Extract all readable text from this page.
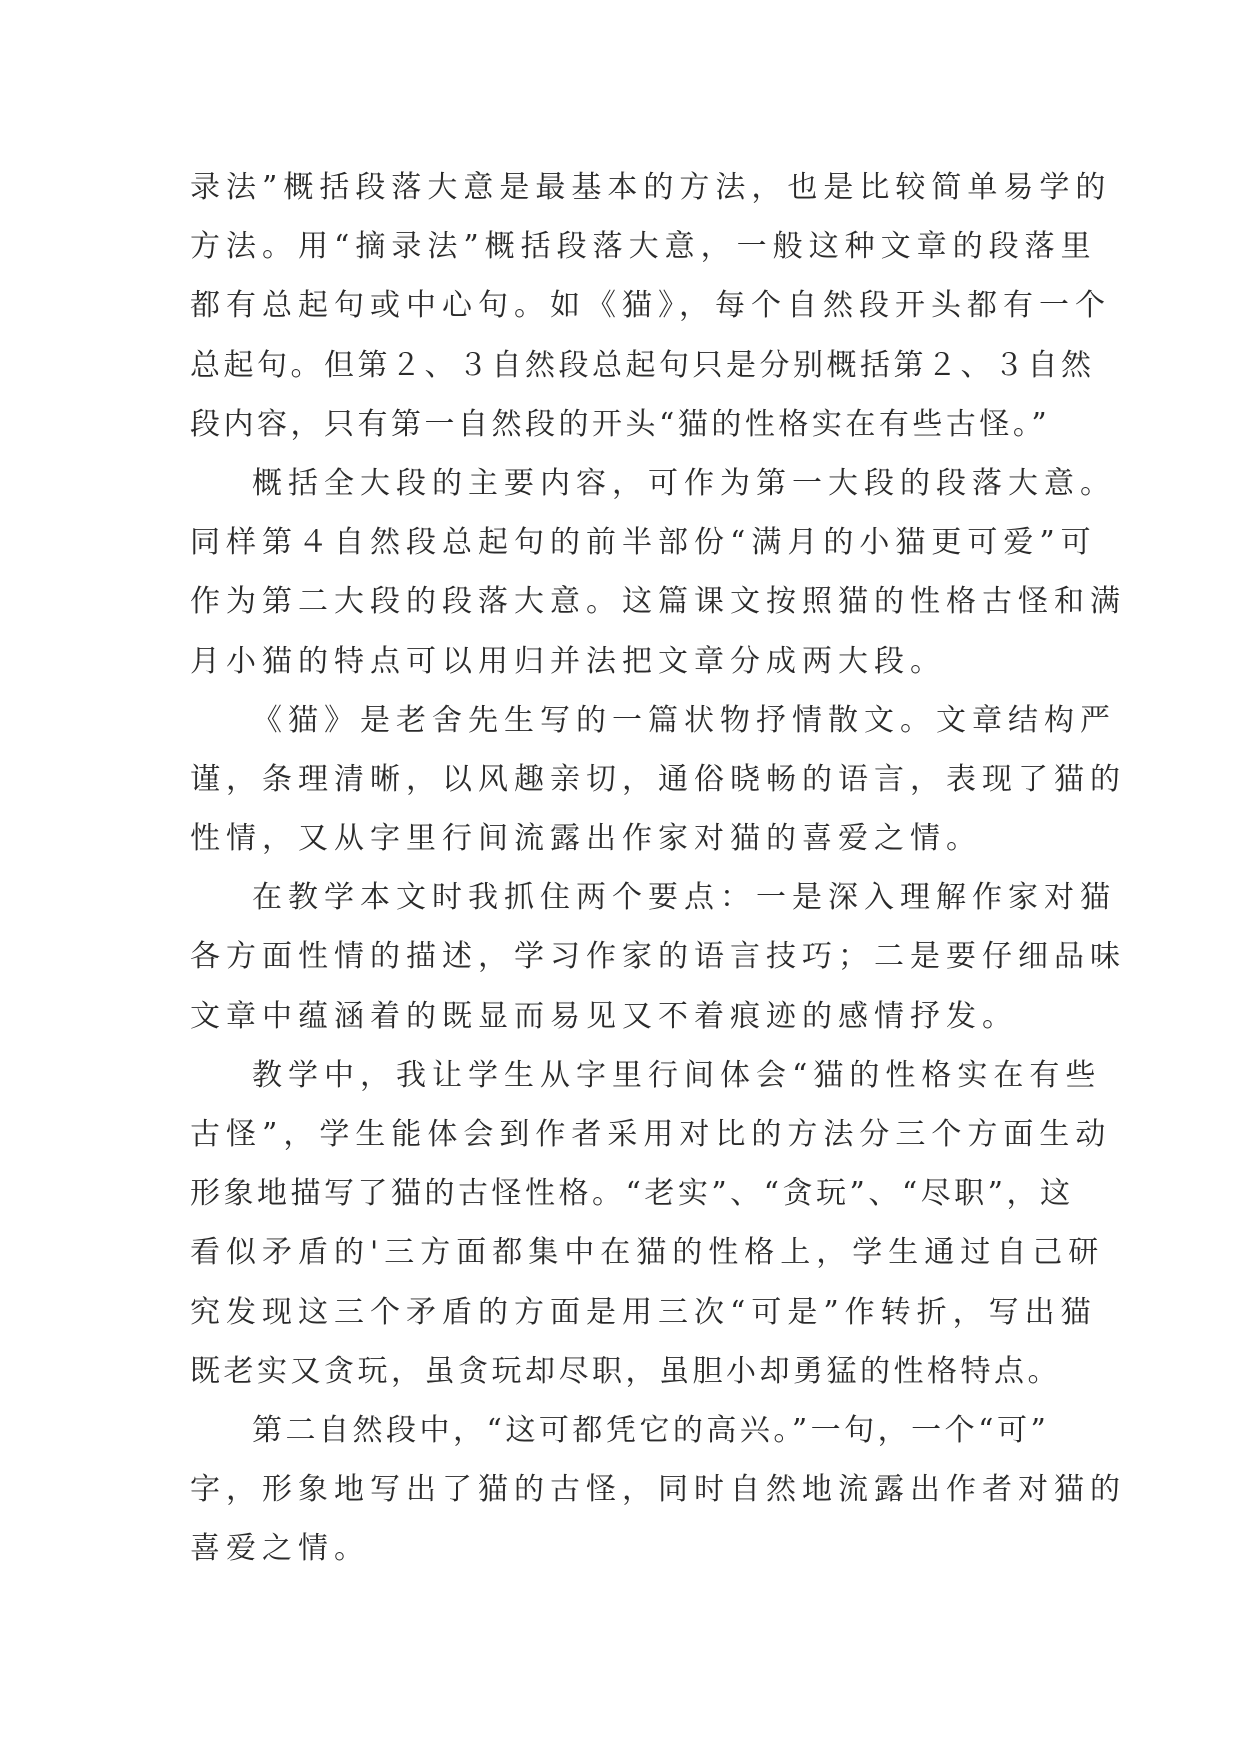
录法”概括段落大意是最基本的方法，也是比较简单易学的
方法。用“摘录法”概括段落大意，一般这种文章的段落里
都有总起句或中心句。如《猫》，每个自然段开头都有一个
总起句。但第２、３自然段总起句只是分别概括第２、３自然
段内容，只有第一自然段的开头“猫的性格实在有些古怪。”
概括全大段的主要内容，可作为第一大段的段落大意。
同样第４自然段总起句的前半部份“满月的小猫更可爱”可
作为第二大段的段落大意。这篇课文按照猫的性格古怪和满
月小猫的特点可以用归并法把文章分成两大段。
《猫》是老舍先生写的一篇状物抒情散文。文章结构严
谨，条理清晰，以风趣亲切，通俗晓畅的语言，表现了猫的
性情，又从字里行间流露出作家对猫的喜爱之情。
在教学本文时我抓住两个要点：一是深入理解作家对猫
各方面性情的描述，学习作家的语言技巧；二是要仔细品味
文章中蕴涵着的既显而易见又不着痕迹的感情抒发。
教学中，我让学生从字里行间体会“猫的性格实在有些
古怪”，学生能体会到作者采用对比的方法分三个方面生动
形象地描写了猫的古怪性格。“老实”、“贪玩”、“尽职”，这
看似矛盾的'三方面都集中在猫的性格上，学生通过自己研
究发现这三个矛盾的方面是用三次“可是”作转折，写出猫
既老实又贪玩，虽贪玩却尽职，虽胆小却勇猛的性格特点。
第二自然段中，“这可都凭它的高兴。”一句，一个“可”
字，形象地写出了猫的古怪，同时自然地流露出作者对猫的
喜爱之情。
